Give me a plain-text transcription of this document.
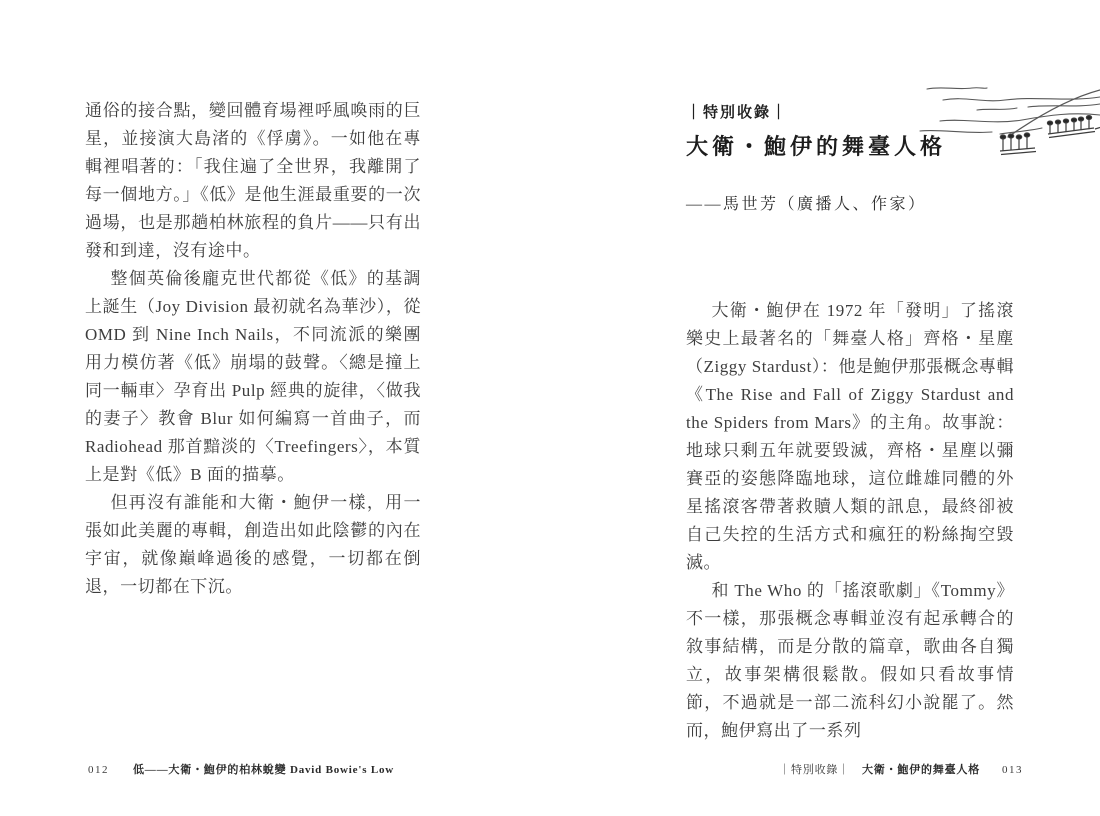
通俗的接合點，變回體育場裡呼風喚雨的巨星，並接演大島渚的《俘虜》。一如他在專輯裡唱著的：「我住遍了全世界，我離開了每一個地方。」《低》是他生涯最重要的一次過場，也是那趟柏林旅程的負片——只有出發和到達，沒有途中。

整個英倫後龐克世代都從《低》的基調上誕生（Joy Division 最初就名為華沙），從 OMD 到 Nine Inch Nails，不同流派的樂團用力模仿著《低》崩塌的鼓聲。〈總是撞上同一輛車〉孕育出 Pulp 經典的旋律，〈做我的妻子〉教會 Blur 如何編寫一首曲子，而 Radiohead 那首黯淡的〈Treefingers〉，本質上是對《低》B 面的描摹。

但再沒有誰能和大衛・鮑伊一樣，用一張如此美麗的專輯，創造出如此陰鬱的內在宇宙，就像巔峰過後的感覺，一切都在倒退，一切都在下沉。

012 低——大衛・鮑伊的柏林蛻變 David Bowie's Low
｜特別收錄｜
大衛・鮑伊的舞臺人格
——馬世芳（廣播人、作家）

大衛・鮑伊在 1972 年「發明」了搖滾樂史上最著名的「舞臺人格」齊格・星塵（Ziggy Stardust）：他是鮑伊那張概念專輯《The Rise and Fall of Ziggy Stardust and the Spiders from Mars》的主角。故事說：地球只剩五年就要毀滅，齊格・星塵以彌賽亞的姿態降臨地球，這位雌雄同體的外星搖滾客帶著救贖人類的訊息，最終卻被自己失控的生活方式和瘋狂的粉絲掏空毀滅。

和 The Who 的「搖滾歌劇」《Tommy》不一樣，那張概念專輯並沒有起承轉合的敘事結構，而是分散的篇章，歌曲各自獨立，故事架構很鬆散。假如只看故事情節，不過就是一部二流科幻小說罷了。然而，鮑伊寫出了一系列

｜特別收錄｜ 大衛・鮑伊的舞臺人格 013
